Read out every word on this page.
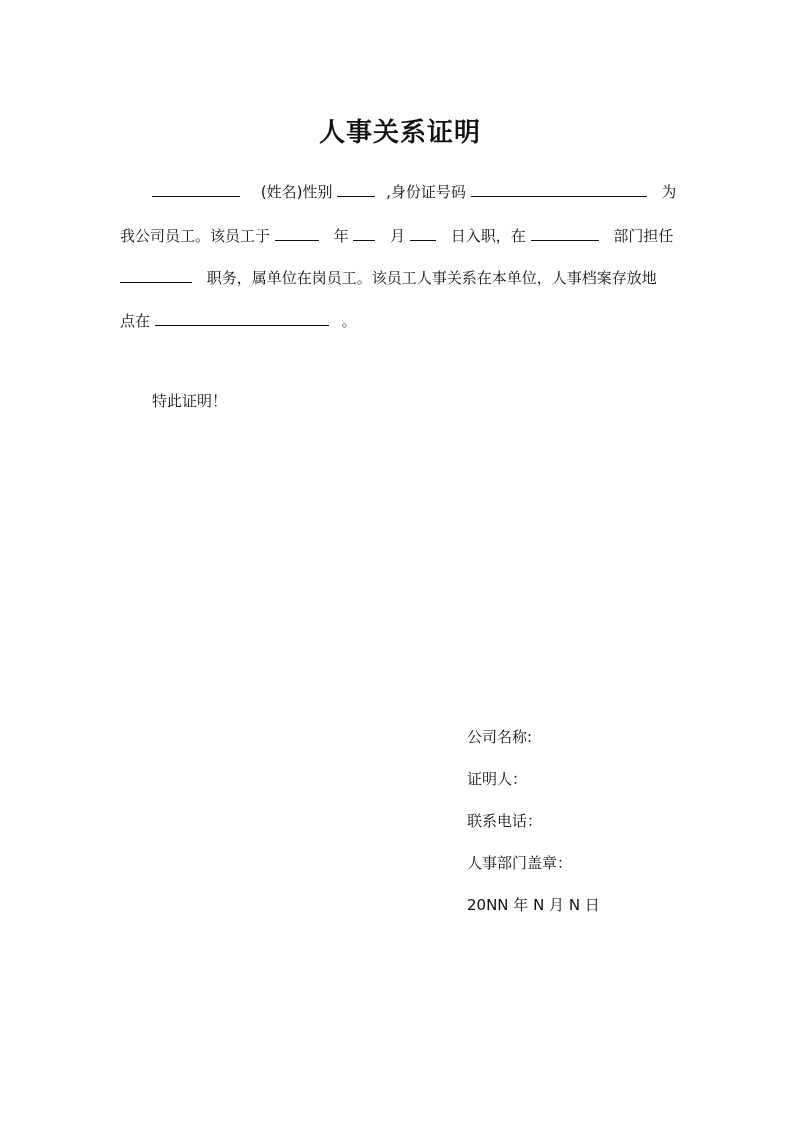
人事关系证明
(姓名)性别	,身份证号码	为
我公司员工。该员工于	年	月	日入职，在	部门担任
职务，属单位在岗员工。该员工人事关系在本单位，人事档案存放地
点在	。
特此证明！
公司名称:
证明人：
联系电话：
人事部门盖章：
20NN 年 N 月 N 日
